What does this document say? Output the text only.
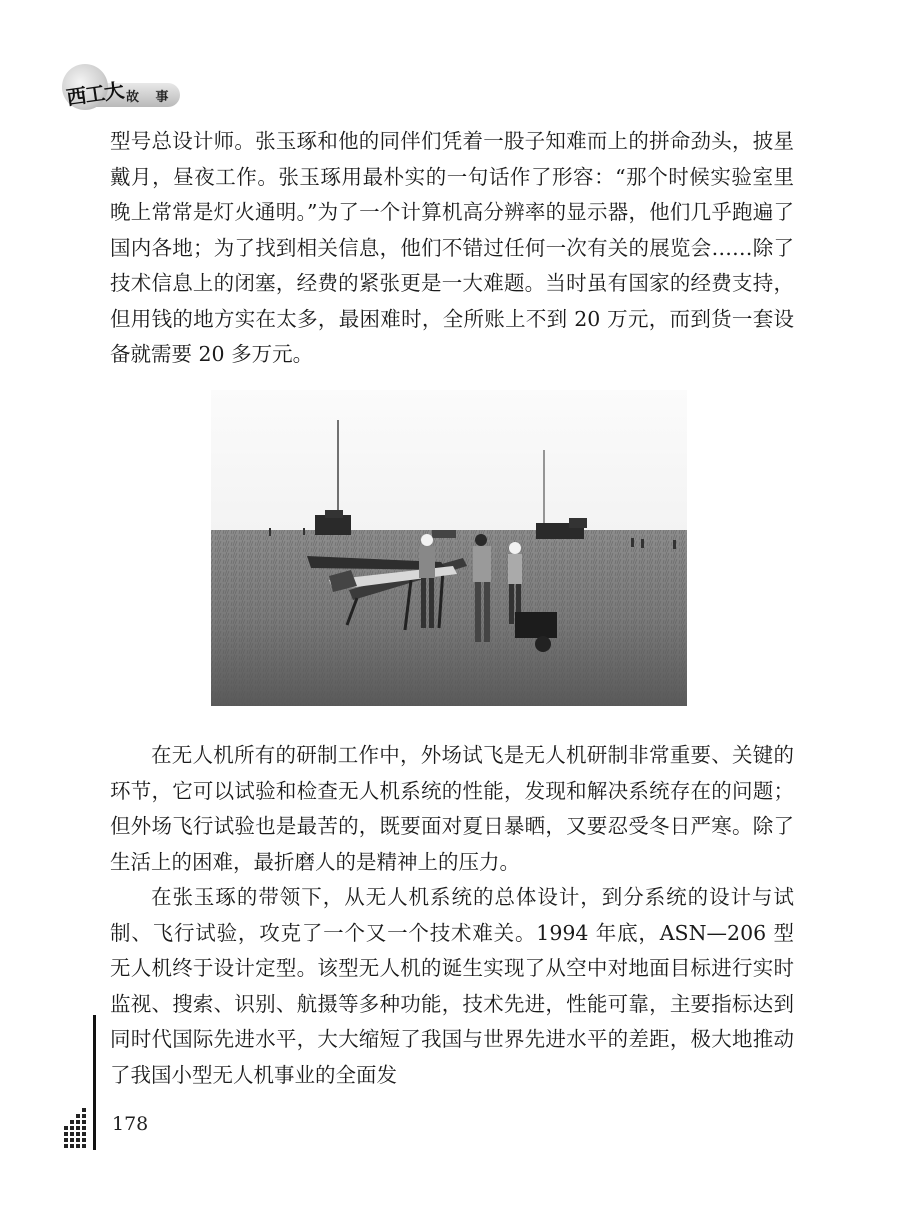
西工大 故 事

型号总设计师。张玉琢和他的同伴们凭着一股子知难而上的拼命劲头，披星戴月，昼夜工作。张玉琢用最朴实的一句话作了形容：“那个时候实验室里晚上常常是灯火通明。”为了一个计算机高分辨率的显示器，他们几乎跑遍了国内各地；为了找到相关信息，他们不错过任何一次有关的展览会……除了技术信息上的闭塞，经费的紧张更是一大难题。当时虽有国家的经费支持，但用钱的地方实在太多，最困难时，全所账上不到 20 万元，而到货一套设备就需要 20 多万元。

在无人机所有的研制工作中，外场试飞是无人机研制非常重要、关键的环节，它可以试验和检查无人机系统的性能，发现和解决系统存在的问题；但外场飞行试验也是最苦的，既要面对夏日暴晒，又要忍受冬日严寒。除了生活上的困难，最折磨人的是精神上的压力。

在张玉琢的带领下，从无人机系统的总体设计，到分系统的设计与试制、飞行试验，攻克了一个又一个技术难关。1994 年底，ASN—206 型无人机终于设计定型。该型无人机的诞生实现了从空中对地面目标进行实时监视、搜索、识别、航摄等多种功能，技术先进，性能可靠，主要指标达到同时代国际先进水平，大大缩短了我国与世界先进水平的差距，极大地推动了我国小型无人机事业的全面发

178
